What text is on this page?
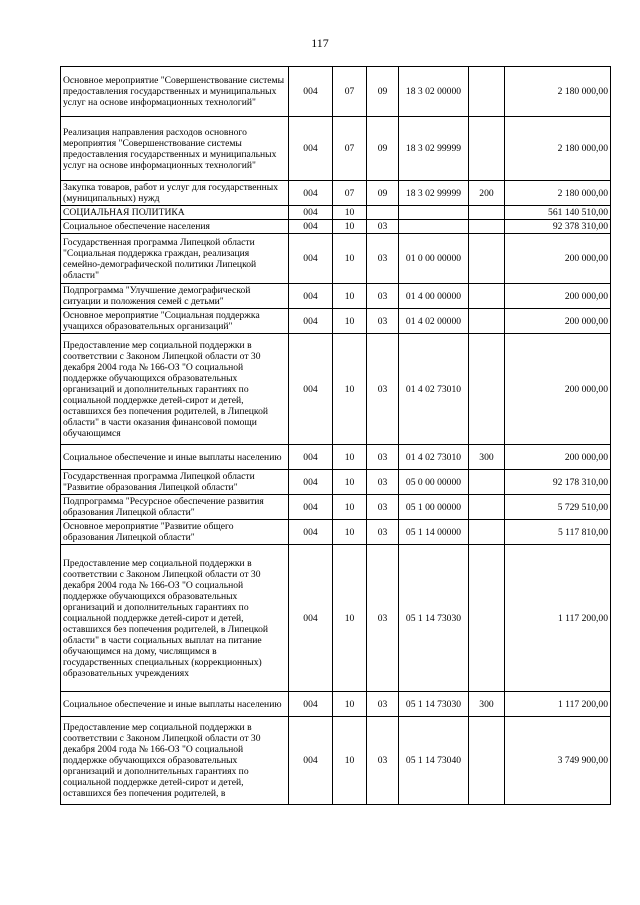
117
Основное мероприятие "Совершенствование системы предоставления государственных и муниципальных услуг на основе информационных технологий"	004	07	09	18 3 02 00000		2 180 000,00
Реализация направления расходов основного мероприятия "Совершенствование системы предоставления государственных и муниципальных услуг на основе информационных технологий"	004	07	09	18 3 02 99999		2 180 000,00
Закупка товаров, работ и услуг для государственных (муниципальных) нужд	004	07	09	18 3 02 99999	200	2 180 000,00
СОЦИАЛЬНАЯ ПОЛИТИКА	004	10				561 140 510,00
Социальное обеспечение населения	004	10	03			92 378 310,00
Государственная программа Липецкой области "Социальная поддержка граждан, реализация семейно-демографической политики Липецкой области"	004	10	03	01 0 00 00000		200 000,00
Подпрограмма "Улучшение демографической ситуации и положения семей с детьми"	004	10	03	01 4 00 00000		200 000,00
Основное мероприятие "Социальная поддержка учащихся образовательных организаций"	004	10	03	01 4 02 00000		200 000,00
Предоставление мер социальной поддержки в соответствии с Законом Липецкой области от 30 декабря 2004 года № 166-ОЗ "О социальной поддержке обучающихся образовательных организаций и дополнительных гарантиях по социальной поддержке детей-сирот и детей, оставшихся без попечения родителей, в Липецкой области" в части оказания финансовой помощи обучающимся	004	10	03	01 4 02 73010		200 000,00
Социальное обеспечение и иные выплаты населению	004	10	03	01 4 02 73010	300	200 000,00
Государственная программа Липецкой области "Развитие образования Липецкой области"	004	10	03	05 0 00 00000		92 178 310,00
Подпрограмма "Ресурсное обеспечение развития образования Липецкой области"	004	10	03	05 1 00 00000		5 729 510,00
Основное мероприятие "Развитие общего образования Липецкой области"	004	10	03	05 1 14 00000		5 117 810,00
Предоставление мер социальной поддержки в соответствии с Законом Липецкой области от 30 декабря 2004 года № 166-ОЗ "О социальной поддержке обучающихся образовательных организаций и дополнительных гарантиях по социальной поддержке детей-сирот и детей, оставшихся без попечения родителей, в Липецкой области" в части социальных выплат на питание обучающимся на дому, числящимся в государственных специальных (коррекционных) образовательных учреждениях	004	10	03	05 1 14 73030		1 117 200,00
Социальное обеспечение и иные выплаты населению	004	10	03	05 1 14 73030	300	1 117 200,00
Предоставление мер социальной поддержки в соответствии с Законом Липецкой области от 30 декабря 2004 года № 166-ОЗ "О социальной поддержке обучающихся образовательных организаций и дополнительных гарантиях по социальной поддержке детей-сирот и детей, оставшихся без попечения родителей, в	004	10	03	05 1 14 73040		3 749 900,00
